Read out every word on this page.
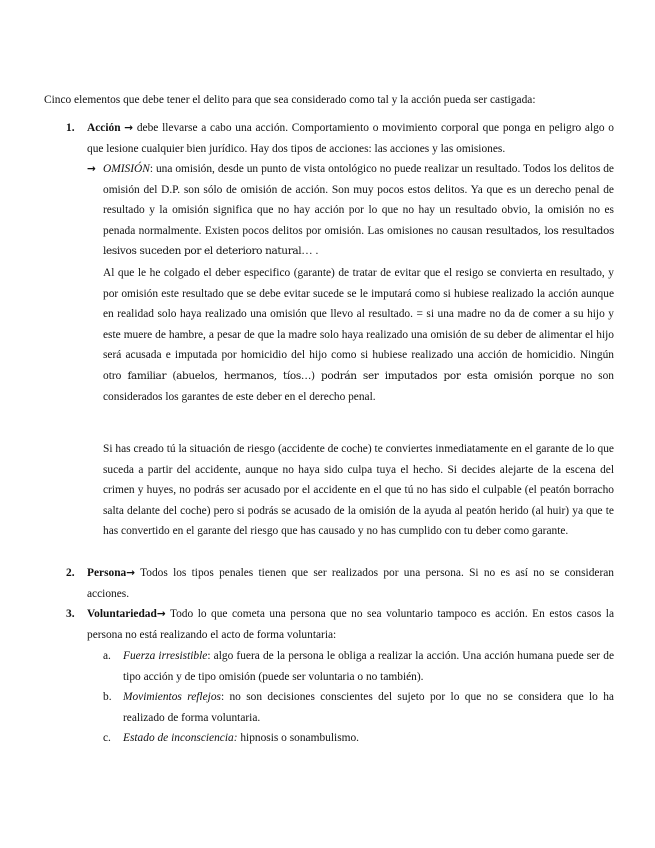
Cinco elementos que debe tener el delito para que sea considerado como tal y la acción pueda ser castigada:
1.	Acción → debe llevarse a cabo una acción. Comportamiento o movimiento corporal que ponga en peligro algo o que lesione cualquier bien jurídico. Hay dos tipos de acciones: las acciones y las omisiones.

→ OMISIÓN: una omisión, desde un punto de vista ontológico no puede realizar un resultado. Todos los delitos de omisión del D.P. son sólo de omisión de acción. Son muy pocos estos delitos. Ya que es un derecho penal de resultado y la omisión significa que no hay acción por lo que no hay un resultado obvio, la omisión no es penada normalmente. Existen pocos delitos por omisión. Las omisiones no causan resultados, los resultados lesivos suceden por el deterioro natural… .

Al que le he colgado el deber especifico (garante) de tratar de evitar que el resigo se convierta en resultado, y por omisión este resultado que se debe evitar sucede se le imputará como si hubiese realizado la acción aunque en realidad solo haya realizado una omisión que llevo al resultado. = si una madre no da de comer a su hijo y este muere de hambre, a pesar de que la madre solo haya realizado una omisión de su deber de alimentar el hijo será acusada e imputada por homicidio del hijo como si hubiese realizado una acción de homicidio. Ningún otro familiar (abuelos, hermanos, tíos…) podrán ser imputados por esta omisión porque no son considerados los garantes de este deber en el derecho penal.

Si has creado tú la situación de riesgo (accidente de coche) te conviertes inmediatamente en el garante de lo que suceda a partir del accidente, aunque no haya sido culpa tuya el hecho. Si decides alejarte de la escena del crimen y huyes, no podrás ser acusado por el accidente en el que tú no has sido el culpable (el peatón borracho salta delante del coche) pero si podrás se acusado de la omisión de la ayuda al peatón herido (al huir) ya que te has convertido en el garante del riesgo que has causado y no has cumplido con tu deber como garante.

2.	Persona→ Todos los tipos penales tienen que ser realizados por una persona. Si no es así no se consideran acciones.

3.	Voluntariedad→ Todo lo que cometa una persona que no sea voluntario tampoco es acción. En estos casos la persona no está realizando el acto de forma voluntaria:

a.	Fuerza irresistible: algo fuera de la persona le obliga a realizar la acción. Una acción humana puede ser de tipo acción y de tipo omisión (puede ser voluntaria o no también).

b.	Movimientos reflejos: no son decisiones conscientes del sujeto por lo que no se considera que lo ha realizado de forma voluntaria.

c.	Estado de inconsciencia: hipnosis o sonambulismo.
